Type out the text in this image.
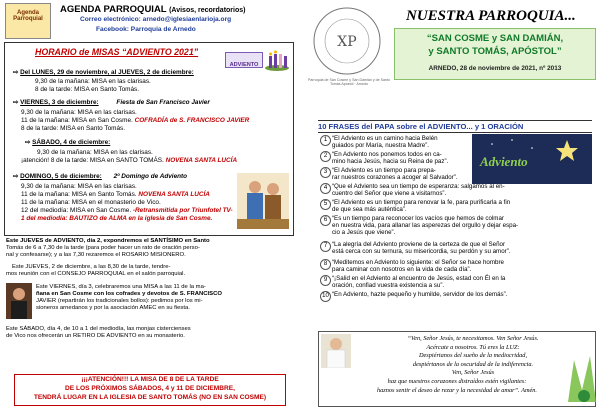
Agenda
Parroquial
AGENDA PARROQUIAL (Avisos, recordatorios)
Correo electrónico: arnedo@iglesiaenlarioja.org
Facebook: Parroquia de Arnedo
HORARIO de MISAS “ADVIENTO 2021”
ADVIENTO
⇨ Del LUNES, 29 de noviembre, al JUEVES, 2 de diciembre:
9,30 de la mañana: MISA en las clarisas.
8 de la tarde: MISA en Santo Tomás.
⇨ VIERNES, 3 de diciembre:	Fiesta de San Francisco Javier
9,30 de la mañana: MISA en las clarisas.
11 de la mañana: MISA en San Cosme. COFRADÍA de S. FRANCISCO JAVIER
8 de la tarde: MISA en Santo Tomás.
⇨ SÁBADO, 4 de diciembre:
9,30 de la mañana: MISA en las clarisas.
¡atención! 8 de la tarde: MISA en SANTO TOMÁS. NOVENA SANTA LUCÍA
⇨ DOMINGO, 5 de diciembre: 2º Domingo de Adviento
9,30 de la mañana: MISA en las clarisas.
11 de la mañana: MISA en Santo Tomás. NOVENA SANTA LUCÍA
11 de la mañana: MISA en el monasterio de Vico.
12 del mediodía: MISA en San Cosme. -Retransmitida por Triunfotel TV-
1 del mediodía: BAUTIZO de ALMA en la iglesia de San Cosme.
Este JUEVES de ADVIENTO, día 2, expondremos el SANTÍSIMO en Santo
Tomás de 6 a 7,30 de la tarde (para poder hacer un rato de oración perso-
nal y confesarse); y a las 7,30 rezaremos el ROSARIO MISIONERO.
Este JUEVES, 2 de diciembre, a las 8,30 de la tarde, tendre-
mos reunión con el CONSEJO PARROQUIAL en el salón parroquial.
Este VIERNES, día 3, celebraremos una MISA a las 11 de la ma-
ñana en San Cosme con los cofrades y devotos de S. FRANCISCO
JAVIER (repartirán los tradicionales bollos): pedimos por los mi-
sioneros arnedanos y por la asociación AMEC en su fiesta.
Este SÁBADO, día 4, de 10 a 1 del mediodía, las monjas cistercienses
de Vico nos ofrecerán un RETIRO DE ADVIENTO en su monasterio.
¡¡¡ATENCIÓN!!! LA MISA DE 8 DE LA TARDE
DE LOS PRÓXIMOS SÁBADOS, 4 y 11 DE DICIEMBRE,
TENDRÁ LUGAR EN LA IGLESIA DE SANTO TOMÁS (NO EN SAN COSME)
XP
Parroquia de San Cosme y San Damián y de Santo Tomás Apóstol · Arnedo
NUESTRA PARROQUIA...
“SAN COSME y SAN DAMIÁN,
y SANTO TOMÁS, APÓSTOL”
ARNEDO, 28 de noviembre de 2021, nº 2013
10 FRASES del PAPA sobre el ADVIENTO... y 1 ORACIÓN
Adviento
1 “El Adviento es un camino hacia Belén
guiados por María, nuestra Madre”.
2 “En Adviento nos ponemos todos en ca-
mino hacia Jesús, hacia su Reina de paz”.
3 “El Adviento es un tiempo para prepa-
rar nuestros corazones a acoger al Salvador”.
4 “Que el Adviento sea un tiempo de esperanza: salgamos al en-
cuentro del Señor que viene a visitarnos”.
5 “El Adviento es un tiempo para renovar la fe, para purificarla a fin
de que sea más auténtica”.
6 “Es un tiempo para reconocer los vacíos que hemos de colmar
en nuestra vida, para allanar las asperezas del orgullo y dejar espa-
cio a Jesús que viene”.
7 “La alegría del Adviento proviene de la certeza de que el Señor
está cerca con su ternura, su misericordia, su perdón y su amor”.
8 “Meditemos en Adviento lo siguiente: el Señor se hace hombre
para caminar con nosotros en la vida de cada día”.
9 “¡Salid en el Adviento al encuentro de Jesús, estad con Él en la
oración, confiad vuestra existencia a su”.
10 “En Adviento, hazte pequeño y humilde, servidor de los demás”.
“Ven, Señor Jesús, te necesitamos. Ven Señor Jesús.
Acércate a nosotros. Tú eres la LUZ:
Despiértanos del sueño de la mediocridad,
despiértanos de la oscuridad de la indiferencia.
Ven, Señor Jesús
haz que nuestros corazones distraídos estén vigilantes:
haznos sentir el deseo de rezar y la necesidad de amar”. Amén.
